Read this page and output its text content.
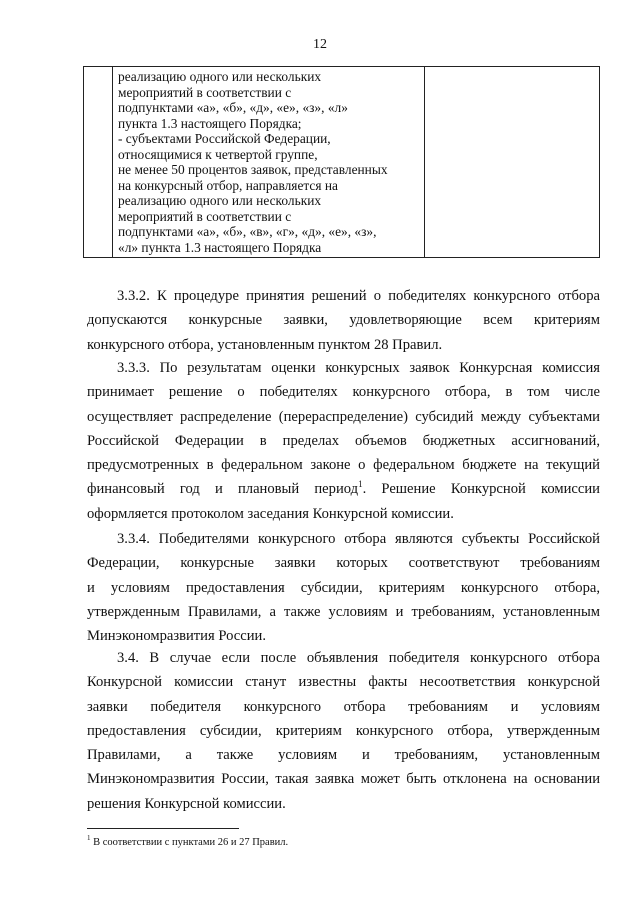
12

реализацию одного или нескольких
мероприятий в соответствии с
подпунктами «а», «б», «д», «е», «з», «л»
пункта 1.3 настоящего Порядка;
- субъектами Российской Федерации,
относящимися к четвертой группе,
не менее 50 процентов заявок, представленных
на конкурсный отбор, направляется на
реализацию одного или нескольких
мероприятий в соответствии с
подпунктами «а», «б», «в», «г», «д», «е», «з»,
«л» пункта 1.3 настоящего Порядка

3.3.2. К процедуре принятия решений о победителях конкурсного отбора
допускаются конкурсные заявки, удовлетворяющие всем критериям
конкурсного отбора, установленным пунктом 28 Правил.
3.3.3. По результатам оценки конкурсных заявок Конкурсная комиссия
принимает решение о победителях конкурсного отбора, в том числе
осуществляет распределение (перераспределение) субсидий между субъектами
Российской Федерации в пределах объемов бюджетных ассигнований,
предусмотренных в федеральном законе о федеральном бюджете на текущий
финансовый год и плановый период$^1$. Решение Конкурсной комиссии
оформляется протоколом заседания Конкурсной комиссии.
3.3.4. Победителями конкурсного отбора являются субъекты Российской
Федерации, конкурсные заявки которых соответствуют требованиям
и условиям предоставления субсидии, критериям конкурсного отбора,
утвержденным Правилами, а также условиям и требованиям, установленным
Минэкономразвития России.
3.4. В случае если после объявления победителя конкурсного отбора
Конкурсной комиссии станут известны факты несоответствия конкурсной
заявки победителя конкурсного отбора требованиям и условиям
предоставления субсидии, критериям конкурсного отбора, утвержденным
Правилами, а также условиям и требованиям, установленным
Минэкономразвития России, такая заявка может быть отклонена на основании
решения Конкурсной комиссии.
$^1$ В соответствии с пунктами 26 и 27 Правил.
